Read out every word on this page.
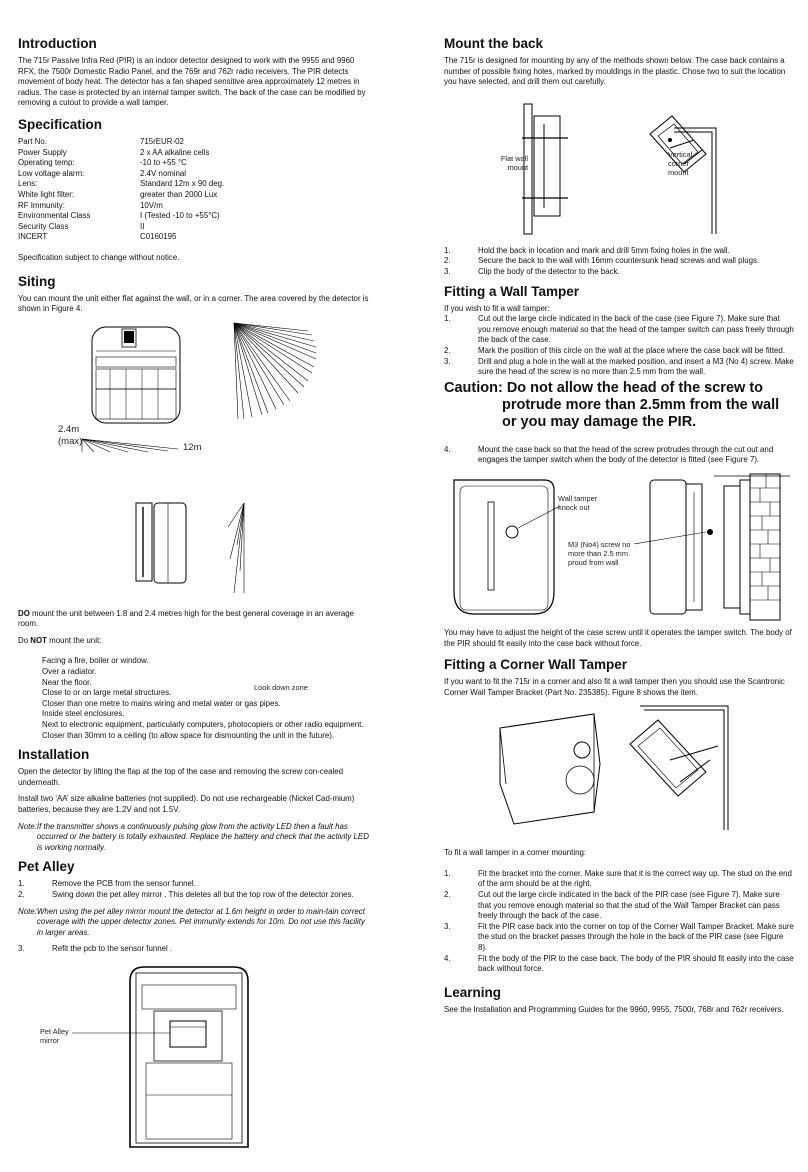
Introduction

The 715r Passive Infra Red (PIR) is an indoor detector designed to work with the 9955 and 9960 RFX, the 7500r Domestic Radio Panel, and the 769r and 762r radio receivers. The PIR detects movement of body heat. The detector has a fan shaped sensitive area approximately 12 metres in radius. The case is protected by an internal tamper switch. The back of the case can be modified by removing a cutout to provide a wall tamper.

Specification
Part No.	715rEUR-02
Power Supply	2 x AA alkaline cells
Operating temp:	-10 to +55 °C
Low voltage alarm:	2.4V nominal
Lens:	Standard 12m x 90 deg.
White light filter:	greater than 2000 Lux
RF Immunity:	10V/m
Environmental Class	I (Tested -10 to +55°C)
Security Class	II
INCERT	C0160195

Specification subject to change without notice.

Siting

You can mount the unit either flat against the wall, or in a corner. The area covered by the detector is shown in Figure 4.

2.4m
(max)
12m

DO mount the unit between 1.8 and 2.4 metres high for the best general coverage in an average room.

Do NOT mount the unit:

Facing a fire, boiler or window.
Over a radiator.
Near the floor.
Close to or on large metal structures.
Closer than one metre to mains wiring and metal water or gas pipes.
Inside steel enclosures.
Next to electronic equipment, particularly computers, photocopiers or other radio equipment.
Closer than 30mm to a ceiling (to allow space for dismounting the unit in the future).
Look down zone
Installation

Open the detector by lifting the flap at the top of the case and removing the screw con-cealed underneath.

Install two ‘AA’ size alkaline batteries (not supplied). Do not use rechargeable (Nickel Cad-mium) batteries, because they are 1.2V and not 1.5V.

Note: If the transmitter shows a continuously pulsing glow from the activity LED then a fault has occurred or the battery is totally exhausted. Replace the battery and check that the activity LED is working normally.
Pet Alley
1.	Remove the PCB from the sensor funnel.
2.	Swing down the pet alley mirror . This deletes all but the top row of the detector zones.
Note: When using the pet alley mirror mount the detector at 1.6m height in order to main-tain correct coverage with the upper detector zones. Pet immunity extends for 10m. Do not use this facility in larger areas.
3.	Refit the pcb to the sensor funnel .
Pet Alley mirror
Mount the back

The 715r is designed for mounting by any of the methods shown below. The case back contains a number of possible fixing holes, marked by mouldings in the plastic. Chose two to suit the location you have selected, and drill them out carefully.

Flat wall mount
Vertical corner mount
1.	Hold the back in location and mark and drill 5mm fixing holes in the wall.
2.	Secure the back to the wall with 16mm countersunk head screws and wall plugs.
3.	Clip the body of the detector to the back.
Fitting a Wall Tamper

If you wish to fit a wall tamper:

1.	Cut out the large circle indicated in the back of the case (see Figure 7). Make sure that you remove enough material so that the head of the tamper switch can pass freely through the back of the case.
2.	Mark the position of this circle on the wall at the place where the case back will be fitted.
3.	Drill and plug a hole in the wall at the marked position, and insert a M3 (No 4) screw. Make sure the head of the screw is no more than 2.5 mm from the wall.
Caution: Do not allow the head of the screw to
protrude more than 2.5mm from the wall
or you may damage the PIR.
4.	Mount the case back so that the head of the screw protrudes through the cut out and engages the tamper switch when the body of the detector is fitted (see Figure 7).
Wall tamper knock out
M3 (No4) screw no more than 2.5 mm proud from wall

You may have to adjust the height of the case screw until it operates the tamper switch. The body of the PIR should fit easily into the case back without force.

Fitting a Corner Wall Tamper

If you want to fit the 715r in a corner and also fit a wall tamper then you should use the Scantronic Corner Wall Tamper Bracket (Part No. 235385). Figure 8 shows the item.

To fit a wall tamper in a corner mounting:

1.	Fit the bracket into the corner. Make sure that it is the correct way up. The stud on the end of the arm should be at the right.
2.	Cut out the large circle indicated in the back of the PIR case (see Figure 7). Make sure that you remove enough material so that the stud of the Wall Tamper Bracket can pass freely through the back of the case.
3.	Fit the PIR case back into the corner on top of the Corner Wall Tamper Bracket. Make sure the stud on the bracket passes through the hole in the back of the PIR case (see Figure 8).
4.	Fit the body of the PIR to the case back. The body of the PIR should fit easily into the case back without force.
Learning

See the Installation and Programming Guides for the 9960, 9955, 7500r, 768r and 762r receivers.
